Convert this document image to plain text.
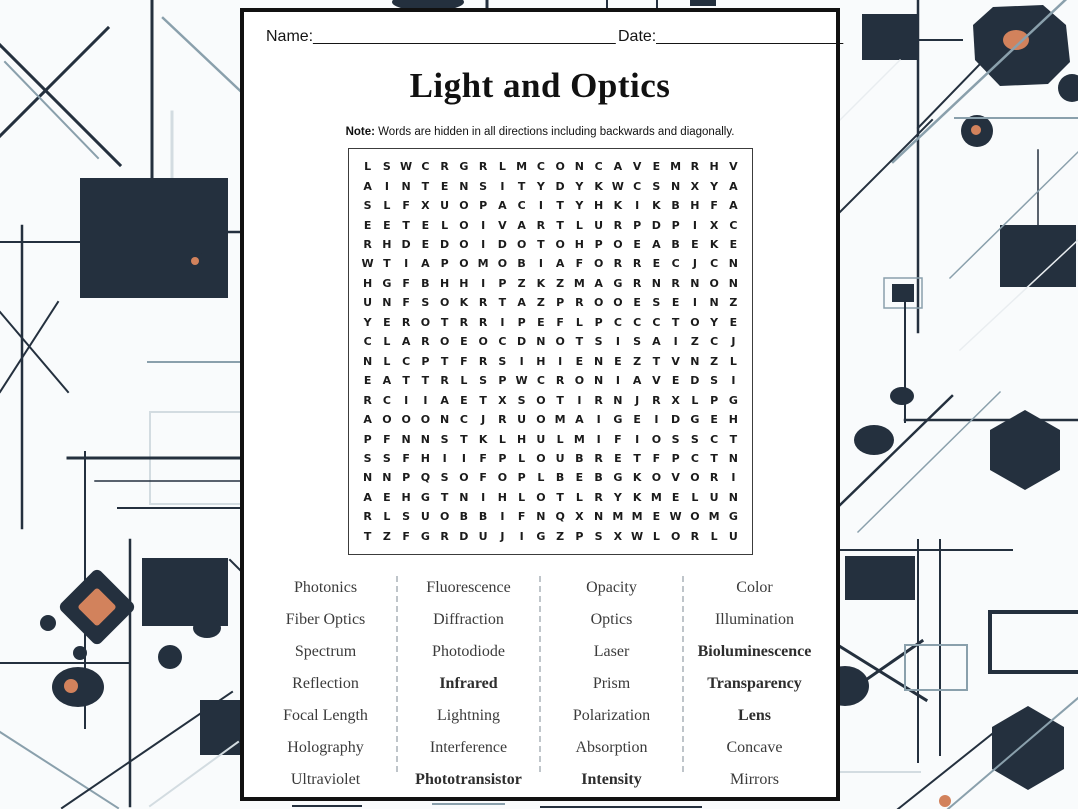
Name:__________________________________ Date:_____________________
Light and Optics

Note: Words are hidden in all directions including backwards and diagonally.

L	S W C R G R	L M C O N C A V	E M R H V
A	I	N T	E N S	I	T	Y D Y	K W C	S N X	Y	A
S	L	F	X U O P A C	I	T	Y H K	I	K B H F	A
E	E	T	E	L	O	I	V A R	T	L	U R P D P	I	X C
R H D E D O	I	D O T O H P O E	A B	E	K	E
W T	I	A P O M O B	I	A	F O R R	E	C	J	C N
H G F	B H H	I	P	Z	K Z M A G R N R N O N
U N F	S O K R	T	A	Z	P R O O E	S	E	I	N Z
Y	E	R O T	R R	I	P	E	F	L	P	C	C	C	T O Y	E
C	L	A R O E O C D N O T	S	I	S	A	I	Z	C	J
N	L	C	P	T	F	R	S	I	H	I	E N E	Z	T	V N Z	L
E	A	T	T	R	L	S	P W C R O N	I	A V	E D S	I
R C	I	I	A	E	T	X	S O T	I	R N	J	R X	L	P G
A O O O N C	J	R U O M A	I	G E	I	D G E H
P	F N N S	T	K	L	H U	L M	I	F	I	O S	S	C	T
S	S	F H	I	I	F	P	L	O U B R	E	T	F	P	C	T N
N N P Q S O F O P	L	B	E	B G K O V O R	I
A	E H G T N	I	H	L	O T	L	R	Y	K M E	L	U N
R	L	S U O B B	I	F N Q X N M M E W O M G
T	Z	F G R D U	J	I	G Z	P	S	X W L	O R	L	U
Photonics
Fiber Optics
Spectrum
Reflection
Focal Length
Holography
Ultraviolet
Fluorescence
Diffraction
Photodiode
Infrared
Lightning
Interference
Phototransistor
Opacity
Optics
Laser
Prism
Polarization
Absorption
Intensity
Color
Illumination
Bioluminescence
Transparency
Lens
Concave
Mirrors
